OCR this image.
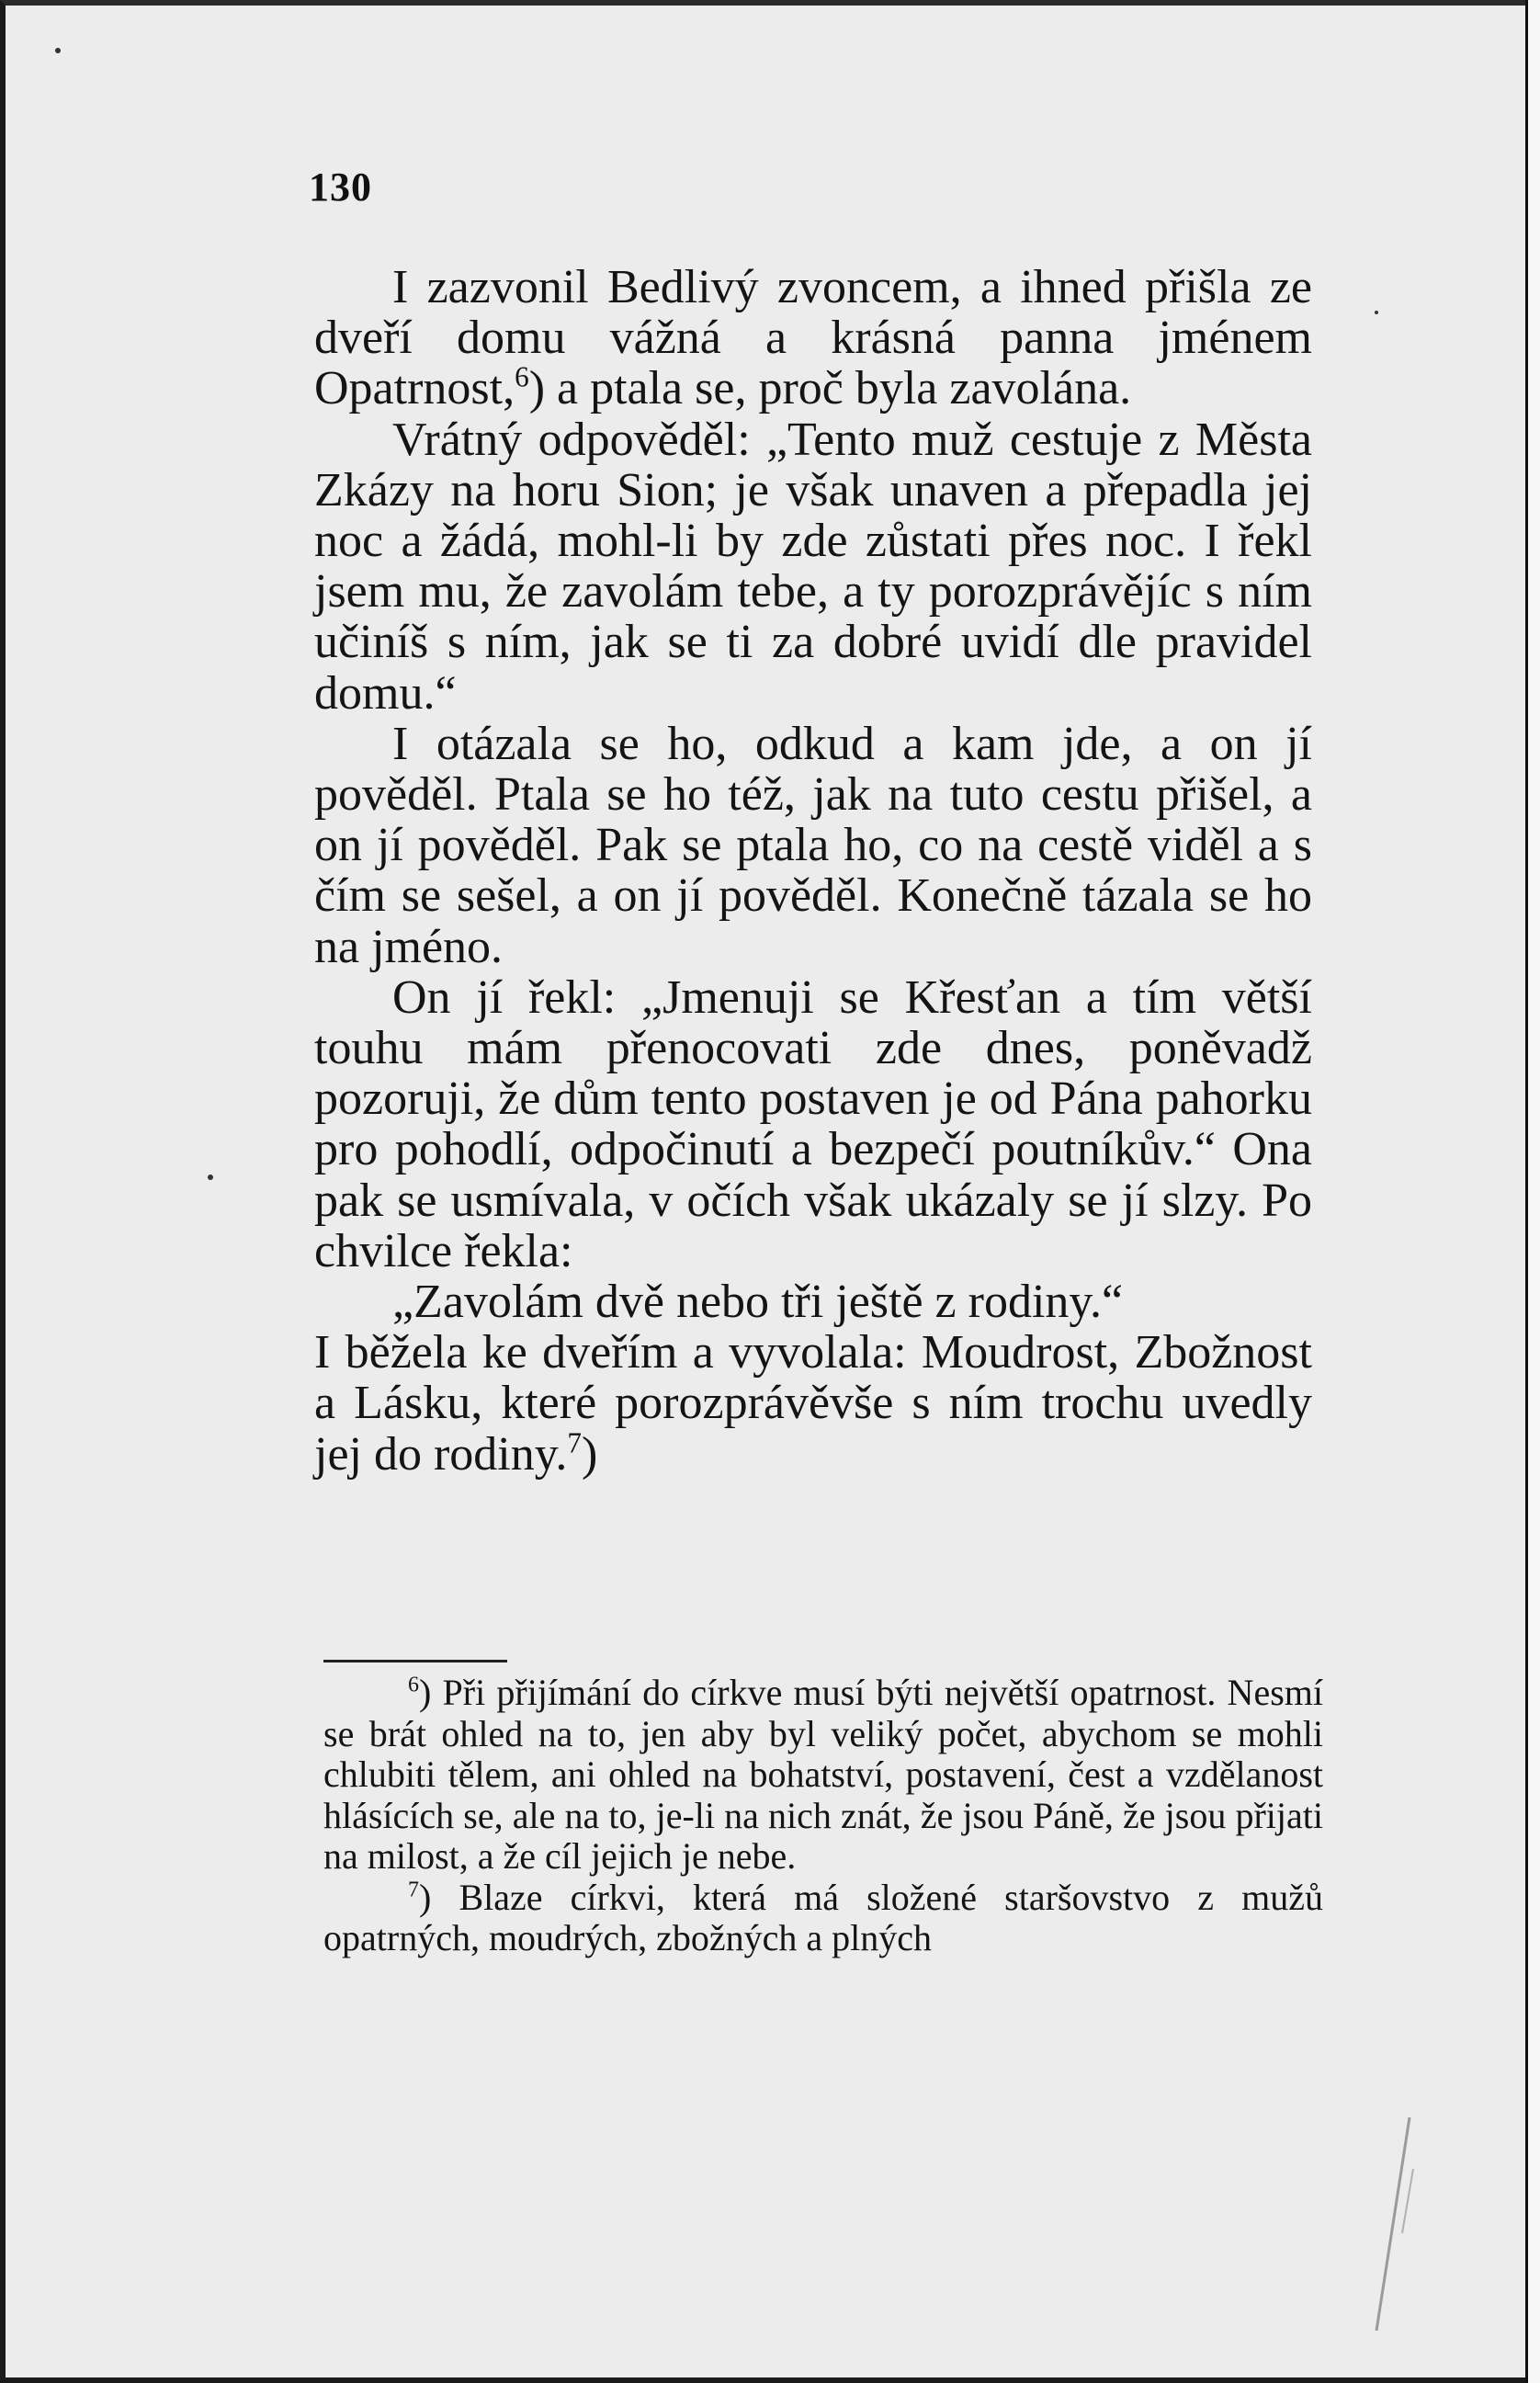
130

I zazvonil Bedlivý zvoncem, a ihned přišla ze dveří domu vážná a krásná panna jménem Opatrnost,$^6$) a ptala se, proč byla zavolána.

Vrátný odpověděl: „Tento muž cestuje z Města Zkázy na horu Sion; je však unaven a přepadla jej noc a žádá, mohl-li by zde zůstati přes noc. I řekl jsem mu, že zavolám tebe, a ty porozprávějíc s ním učiníš s ním, jak se ti za dobré uvidí dle pravidel domu.“

I otázala se ho, odkud a kam jde, a on jí pověděl. Ptala se ho též, jak na tuto cestu přišel, a on jí pověděl. Pak se ptala ho, co na cestě viděl a s čím se sešel, a on jí pověděl. Konečně tázala se ho na jméno.

On jí řekl: „Jmenuji se Křesťan a tím větší touhu mám přenocovati zde dnes, poněvadž pozoruji, že dům tento postaven je od Pána pahorku pro pohodlí, odpočinutí a bezpečí poutníkův.“ Ona pak se usmívala, v očích však ukázaly se jí slzy. Po chvilce řekla:

„Zavolám dvě nebo tři ještě z rodiny.“

I běžela ke dveřím a vyvolala: Moudrost, Zbožnost a Lásku, které porozprávěvše s ním trochu uvedly jej do rodiny.$^7$)

$^6$) Při přijímání do církve musí býti největší opatrnost. Nesmí se brát ohled na to, jen aby byl veliký počet, abychom se mohli chlubiti tělem, ani ohled na bohatství, postavení, čest a vzdělanost hlásících se, ale na to, je-li na nich znát, že jsou Páně, že jsou přijati na milost, a že cíl jejich je nebe.

$^7$) Blaze církvi, která má složené staršovstvo z mužů opatrných, moudrých, zbožných a plných
